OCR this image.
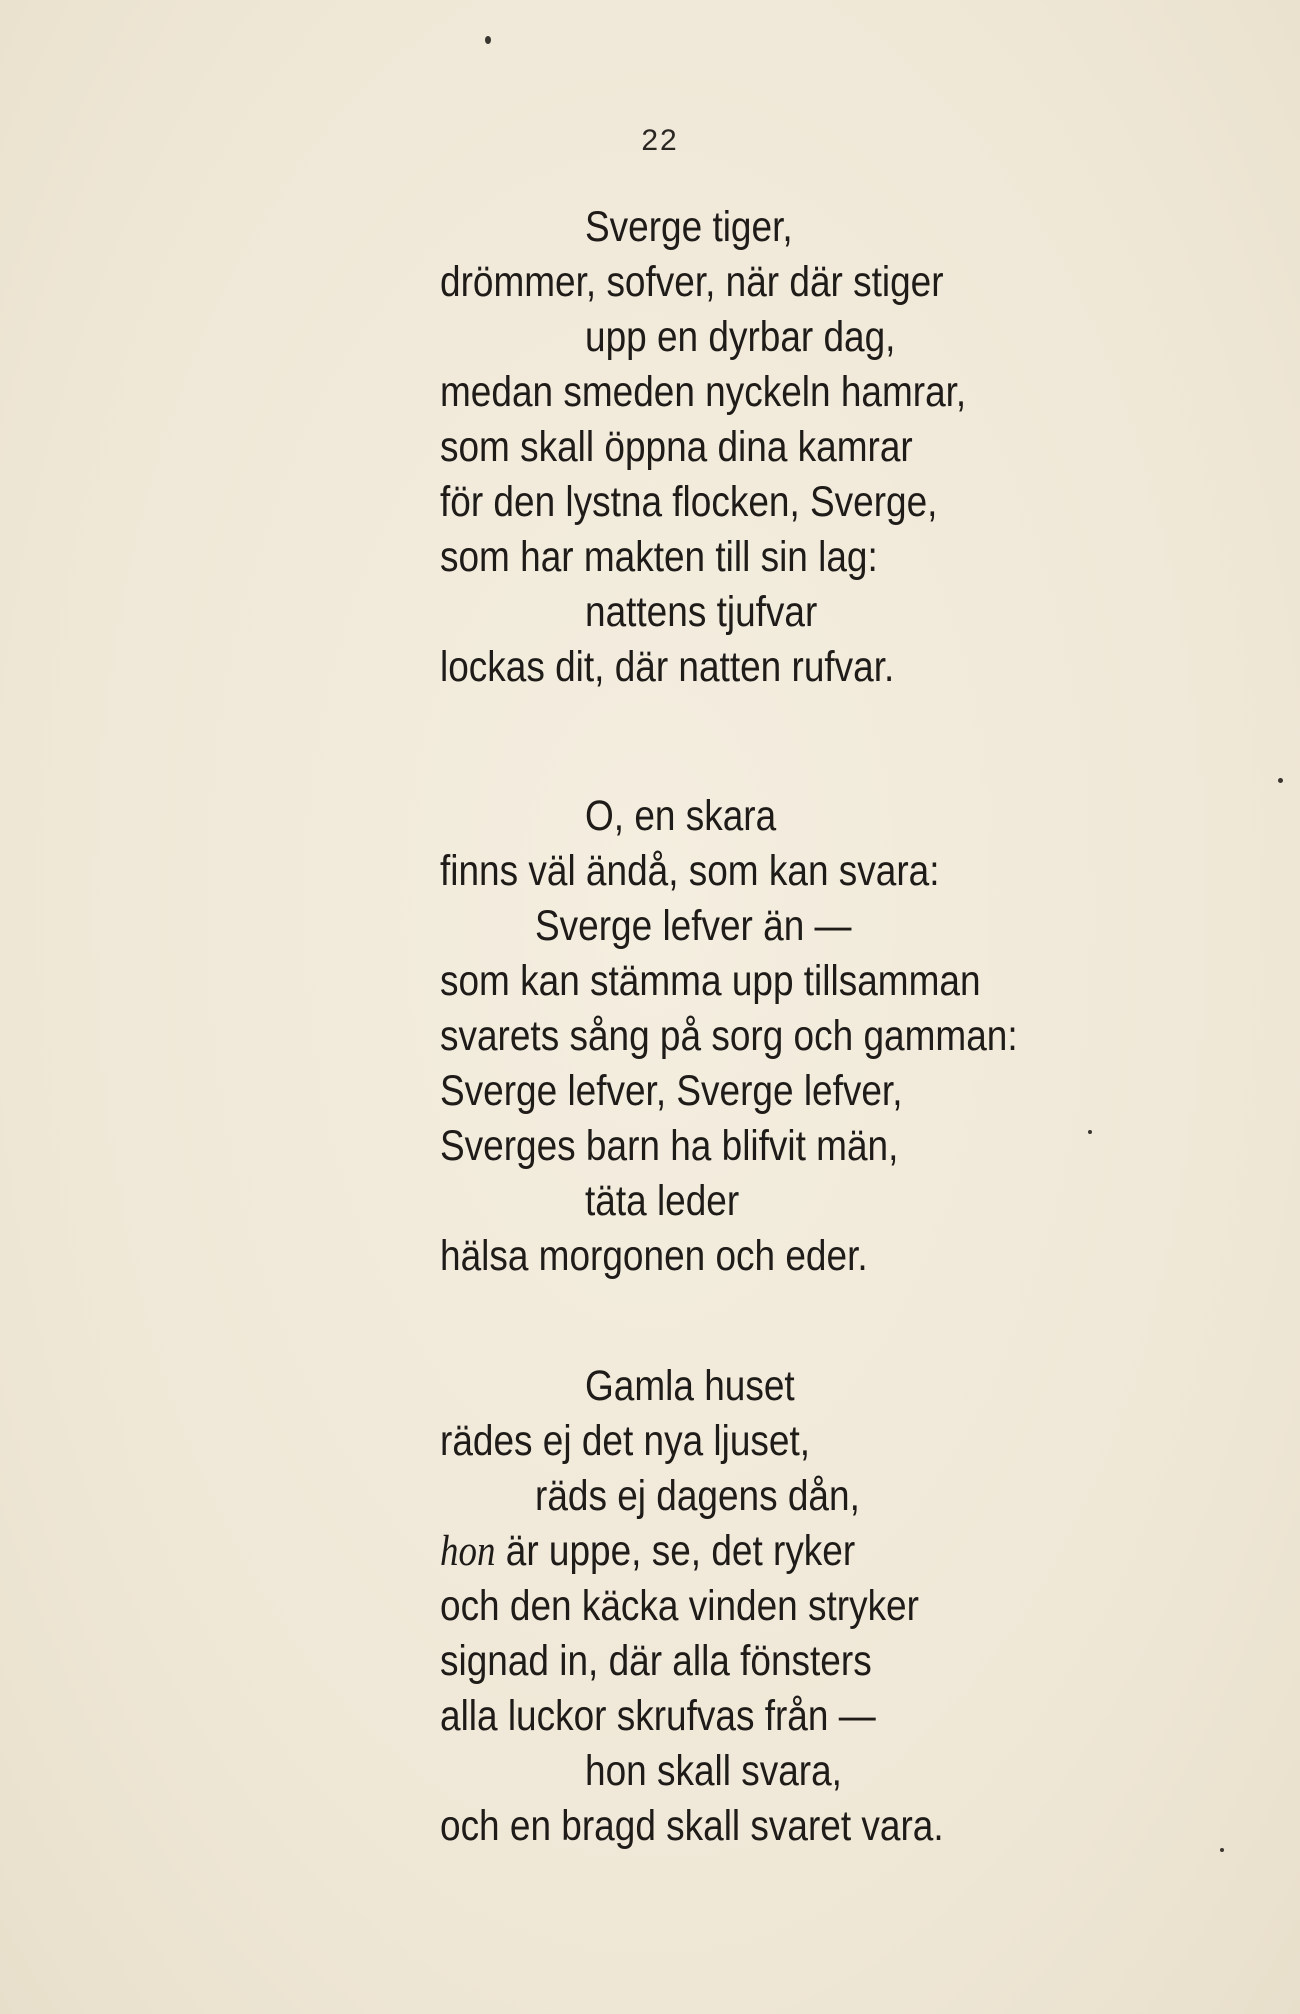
22
Sverge tiger,
drömmer, sofver, när där stiger
upp en dyrbar dag,
medan smeden nyckeln hamrar,
som skall öppna dina kamrar
för den lystna flocken, Sverge,
som har makten till sin lag:
nattens tjufvar
lockas dit, där natten rufvar.
O, en skara
finns väl ändå, som kan svara:
Sverge lefver än —
som kan stämma upp tillsamman
svarets sång på sorg och gamman:
Sverge lefver, Sverge lefver,
Sverges barn ha blifvit män,
täta leder
hälsa morgonen och eder.
Gamla huset
rädes ej det nya ljuset,
räds ej dagens dån,
hon är uppe, se, det ryker
och den käcka vinden stryker
signad in, där alla fönsters
alla luckor skrufvas från —
hon skall svara,
och en bragd skall svaret vara.
